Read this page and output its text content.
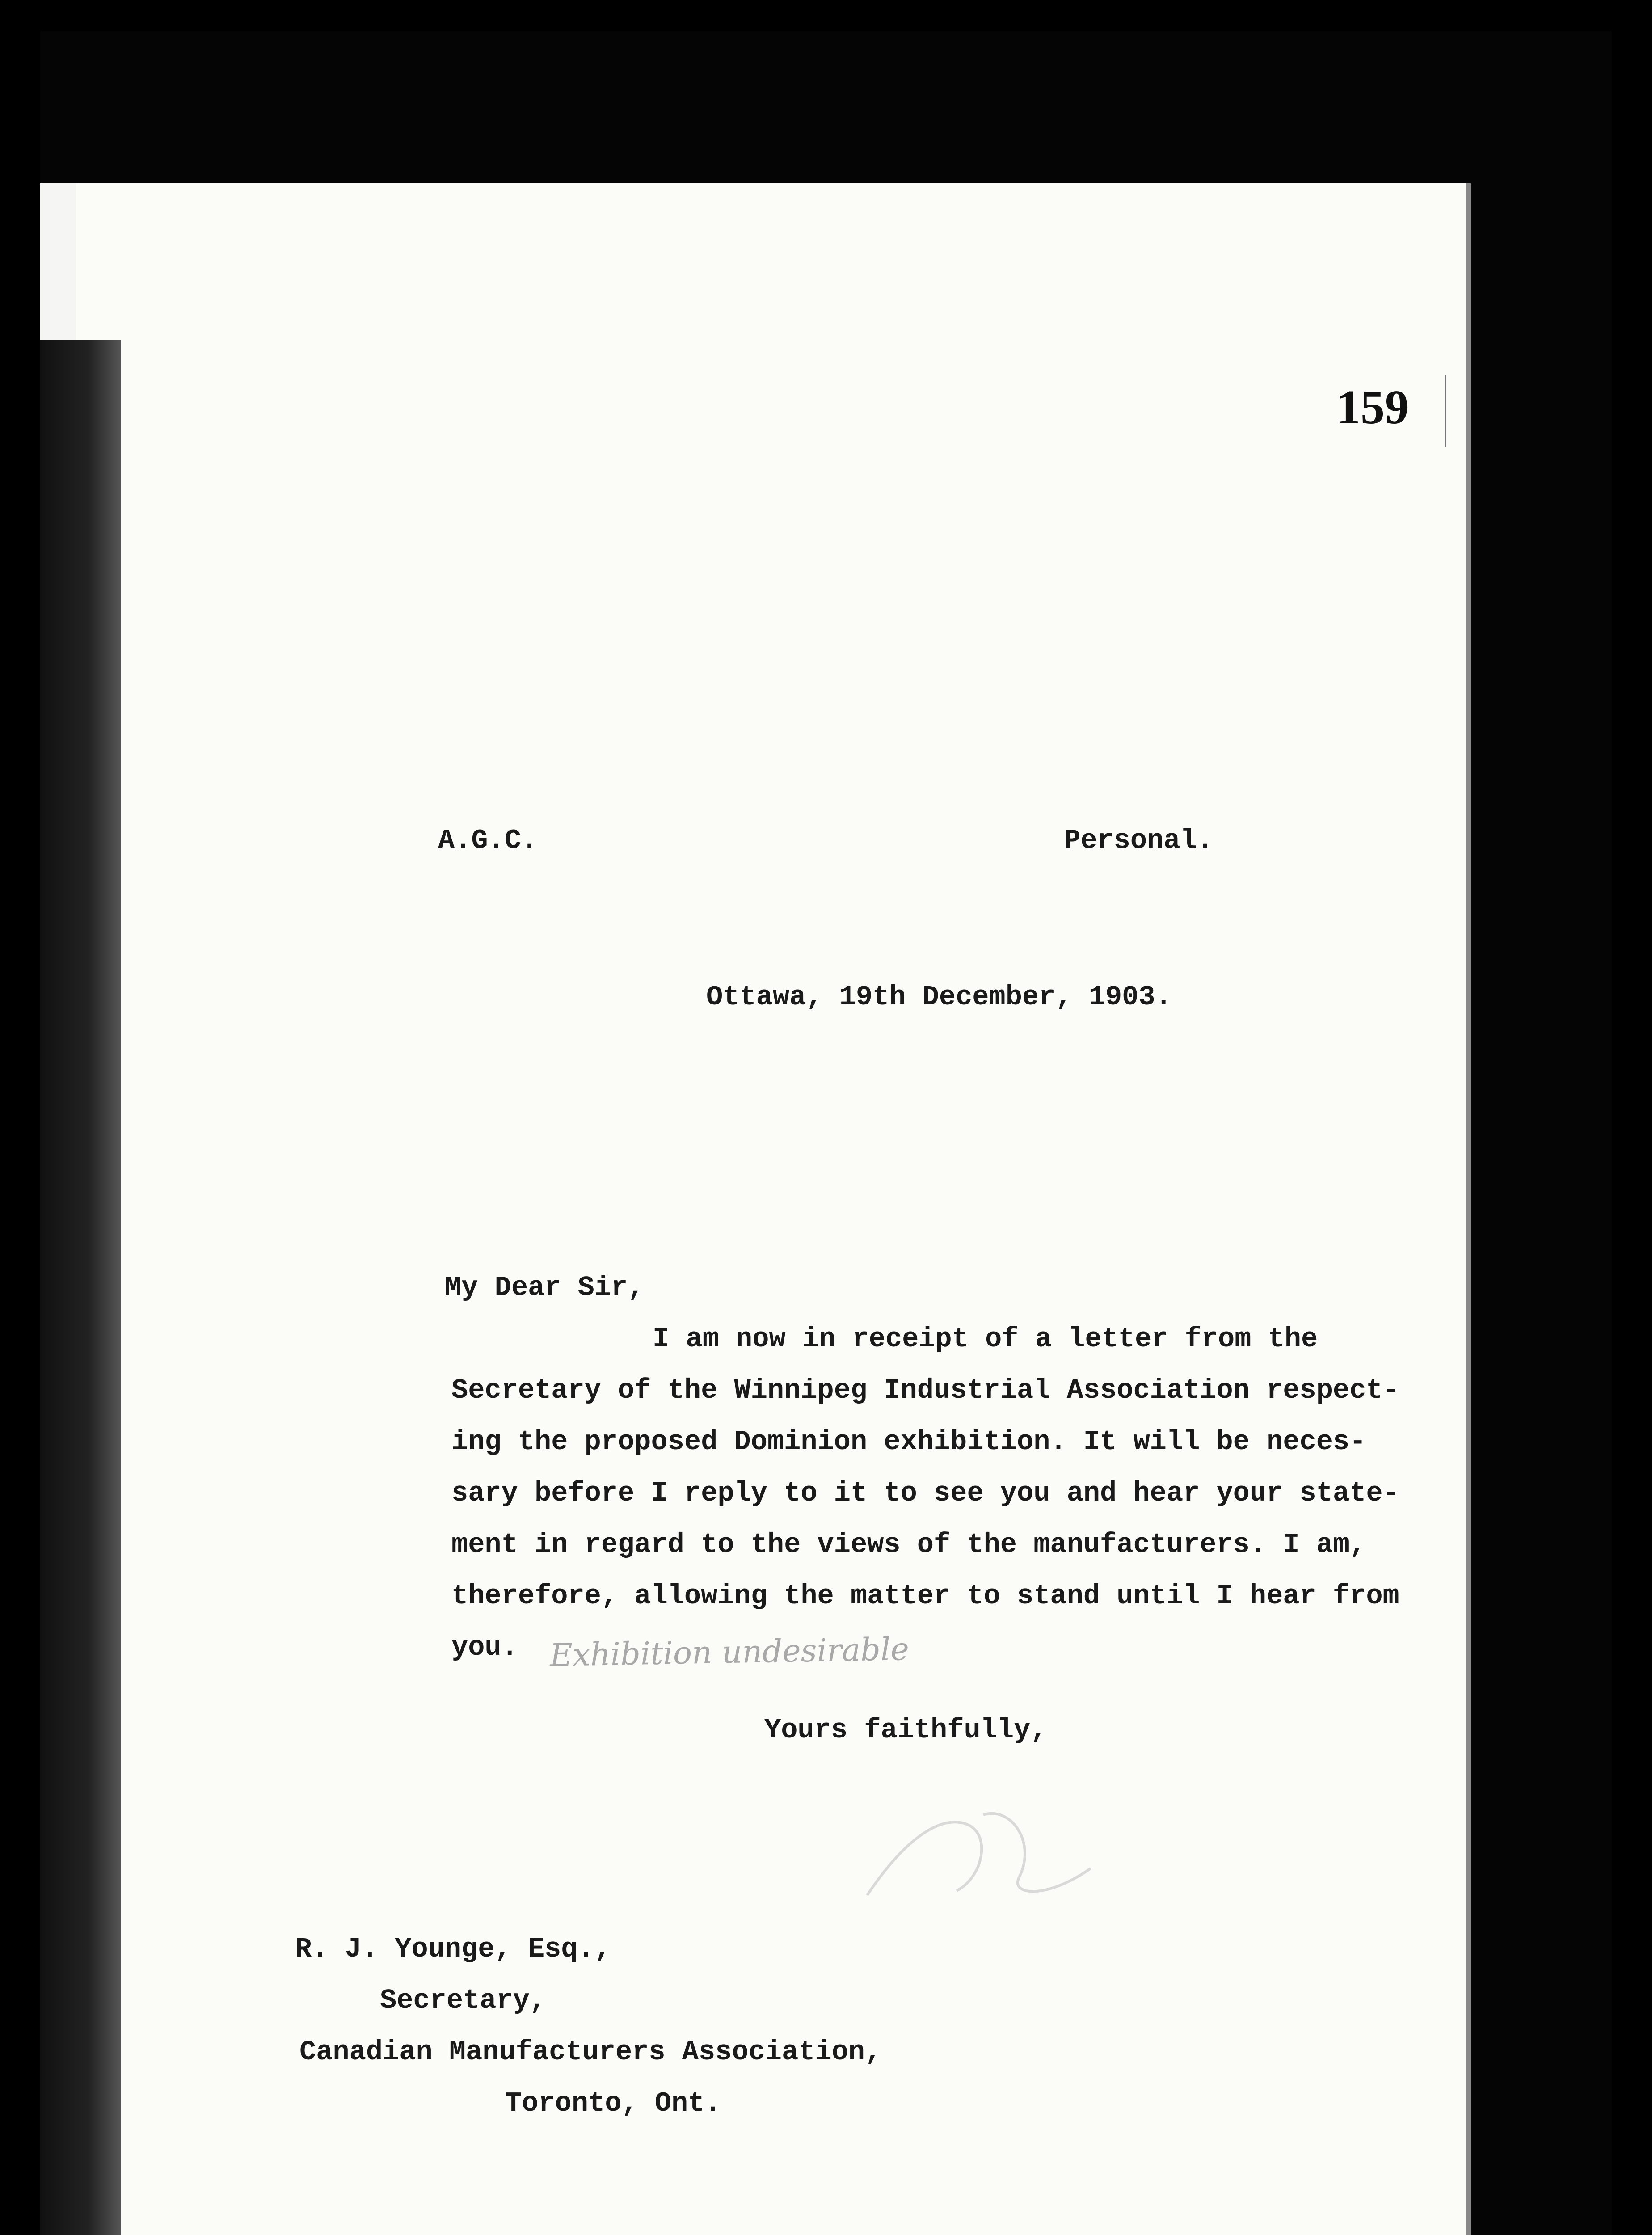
159
A.G.C.	Personal.
Ottawa, 19th December, 1903.
My Dear Sir,
I am now in receipt of a letter from the
Secretary of the Winnipeg Industrial Association respect-
ing the proposed Dominion exhibition. It will be neces-
sary before I reply to it to see you and hear your state-
ment in regard to the views of the manufacturers. I am,
therefore, allowing the matter to stand until I hear from
you. Exhibition undesirable
Yours faithfully,
R. J. Younge, Esq.,
Secretary,
Canadian Manufacturers Association,
Toronto, Ont.
